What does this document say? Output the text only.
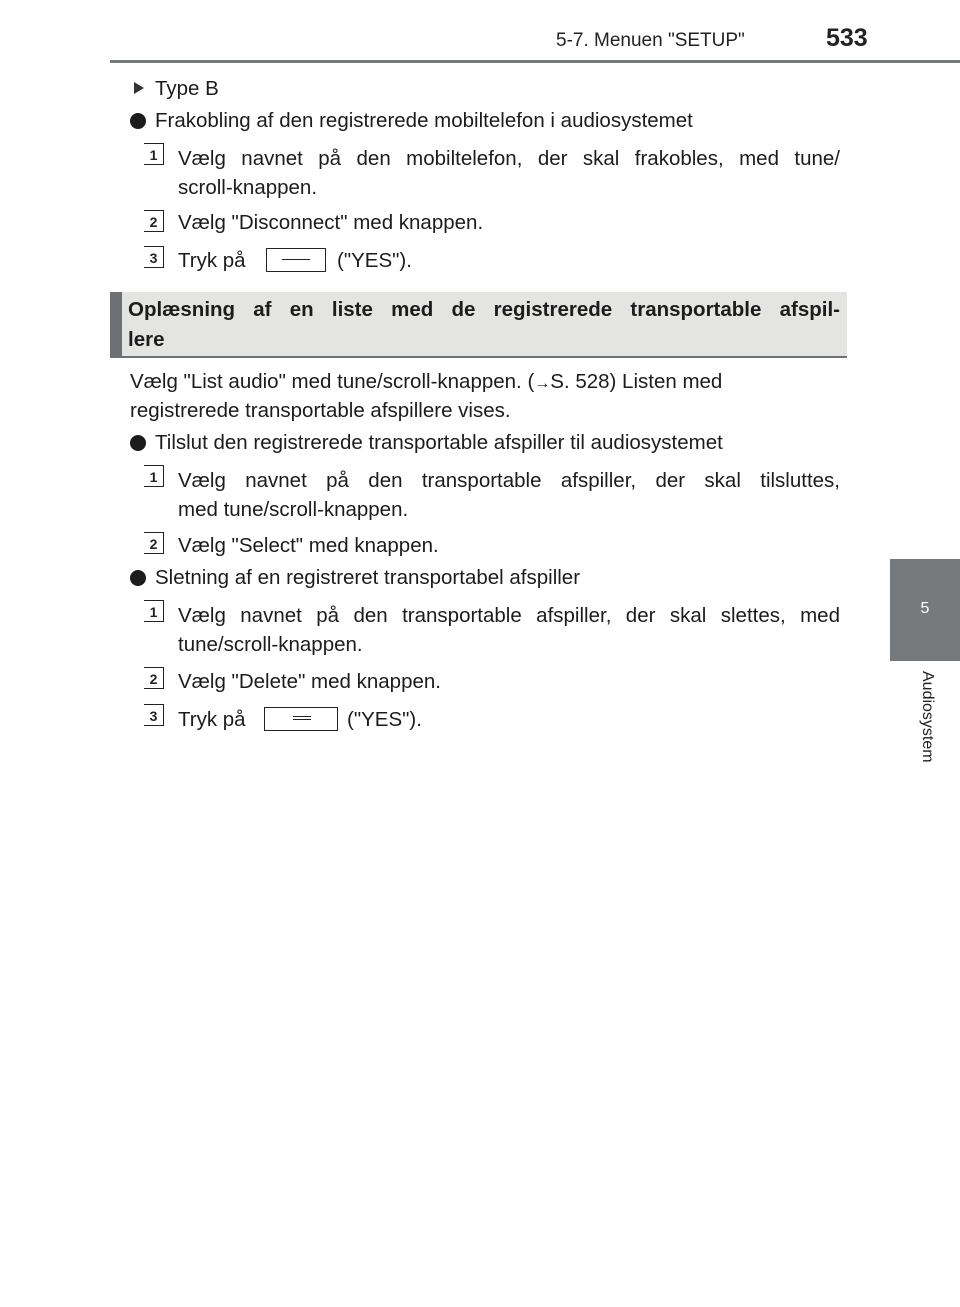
5-7. Menuen "SETUP"	533
5
Audiosystem
Type B
Frakobling af den registrerede mobiltelefon i audiosystemet
1	Vælg navnet på den mobiltelefon, der skal frakobles, med tune/
scroll-knappen.
2	Vælg "Disconnect" med knappen.
3	Tryk på	("YES").
Oplæsning af en liste med de registrerede transportable afspil-
lere
Vælg "List audio" med tune/scroll-knappen. (→S. 528) Listen med
registrerede transportable afspillere vises.
Tilslut den registrerede transportable afspiller til audiosystemet
1	Vælg navnet på den transportable afspiller, der skal tilsluttes,
med tune/scroll-knappen.
2	Vælg "Select" med knappen.
Sletning af en registreret transportabel afspiller
1	Vælg navnet på den transportable afspiller, der skal slettes, med
tune/scroll-knappen.
2	Vælg "Delete" med knappen.
3	Tryk på	("YES").
